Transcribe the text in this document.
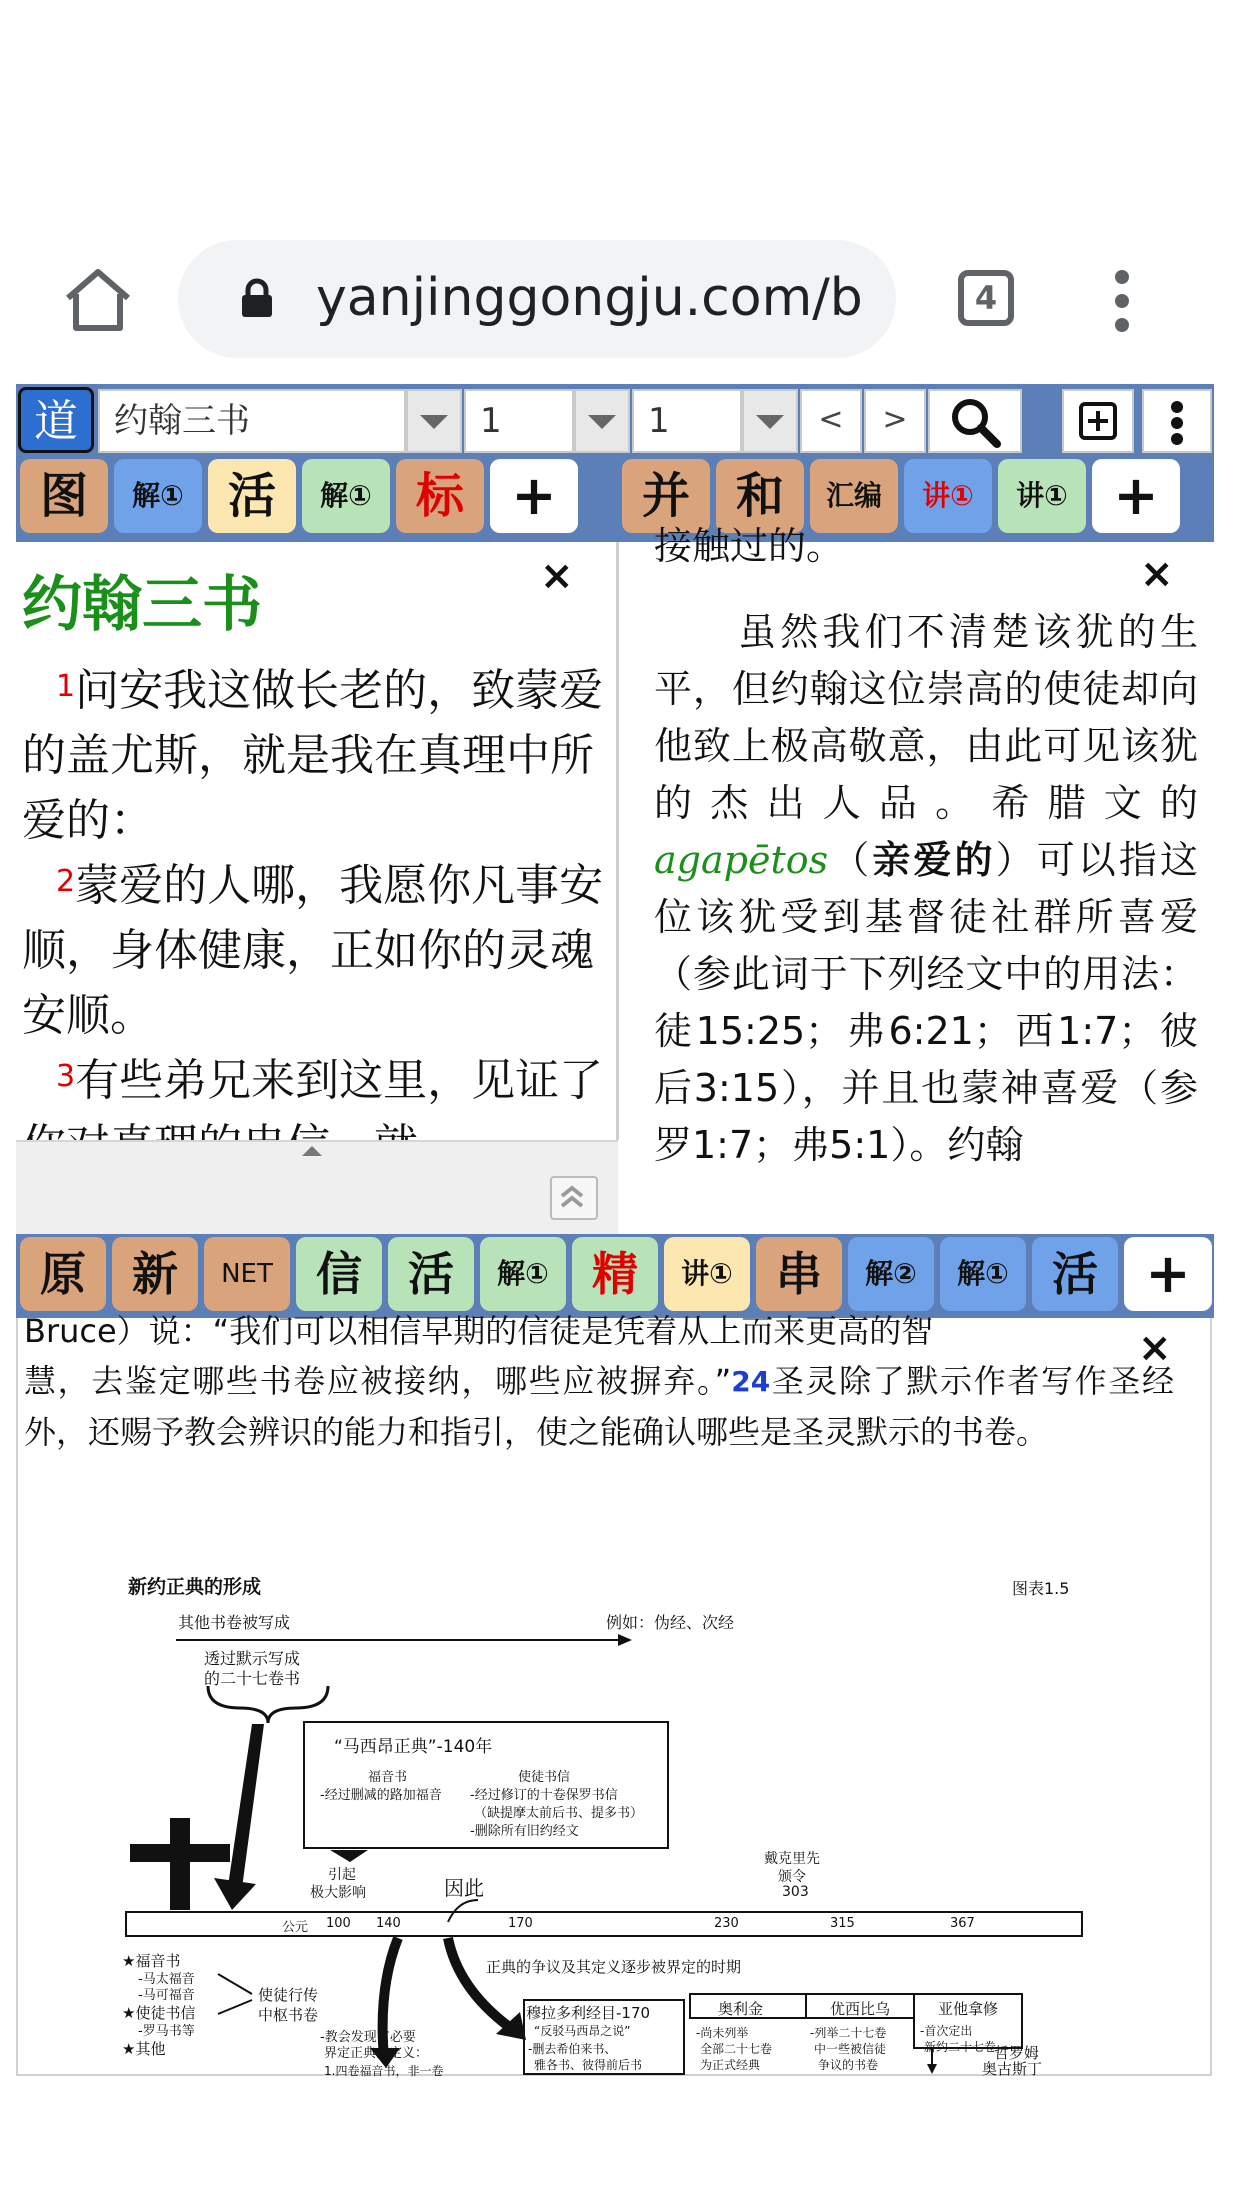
yanjinggongju.com/b	4
道	约翰三书	1	1	<	>
图	解① 活	解① 标 +	并 和	汇编	讲①	讲① +
×
约翰三书
$^1$问安我这做长老的，致蒙爱的盖尤斯，就是我在真理中所爱的：
$^2$蒙爱的人哪，我愿你凡事安顺，身体健康，正如你的灵魂安顺。
$^3$有些弟兄来到这里，见证了
接触过的。
×
虽然我们不清楚该犹的生平，但约翰这位崇高的使徒却向他致上极高敬意，由此可见该犹的杰出人品。希腊文的agapētos（亲爱的）可以指这位该犹受到基督徒社群所喜爱（参此词于下列经文中的用法：徒15:25；弗6:21；西1:7；彼后3:15），并且也蒙神喜爱（参 罗1:7；弗5:1）。约翰
原	新	NET 信	活	解① 精	讲① 串	解②	解① 活 +
Bruce）说：“我们可以相信早期的信徒是凭着从上而来更高的智	×
慧，去鉴定哪些书卷应被接纳，哪些应被摒弃。”24圣灵除了默示作者写作圣经外，还赐予教会辨识的能力和指引，使之能确认哪些是圣灵默示的书卷。
新约正典的形成	图表1.5
其他书卷被写成	例如：伪经、次经
透过默示写成
的二十七卷书
“马西昂正典”-140年
福音书
-经过删减的路加福音
使徒书信
-经过修订的十卷保罗书信
（缺提摩太前后书、提多书）
-删除所有旧约经文
引起
极大影响	因此
戴克里先
颁令
303
公元 100 140	170	230	315	367
★福音书
-马太福音
-马可福音
★使徒书信
-罗马书等
★其他
使徒行传
中枢书卷
-教会发现有必要
界定正典的定义：
1.四卷福音书，非一卷
正典的争议及其定义逐步被界定的时期
穆拉多利经目-170
“反驳马西昂之说”
-删去希伯来书、
雅各书、彼得前后书
奥利金
-尚未列举
全部二十七卷
为正式经典
优西比乌
-列举二十七卷
中一些被信徒
争议的书卷
亚他拿修
-首次定出
新约二十七卷
哲罗姆
奥古斯丁
